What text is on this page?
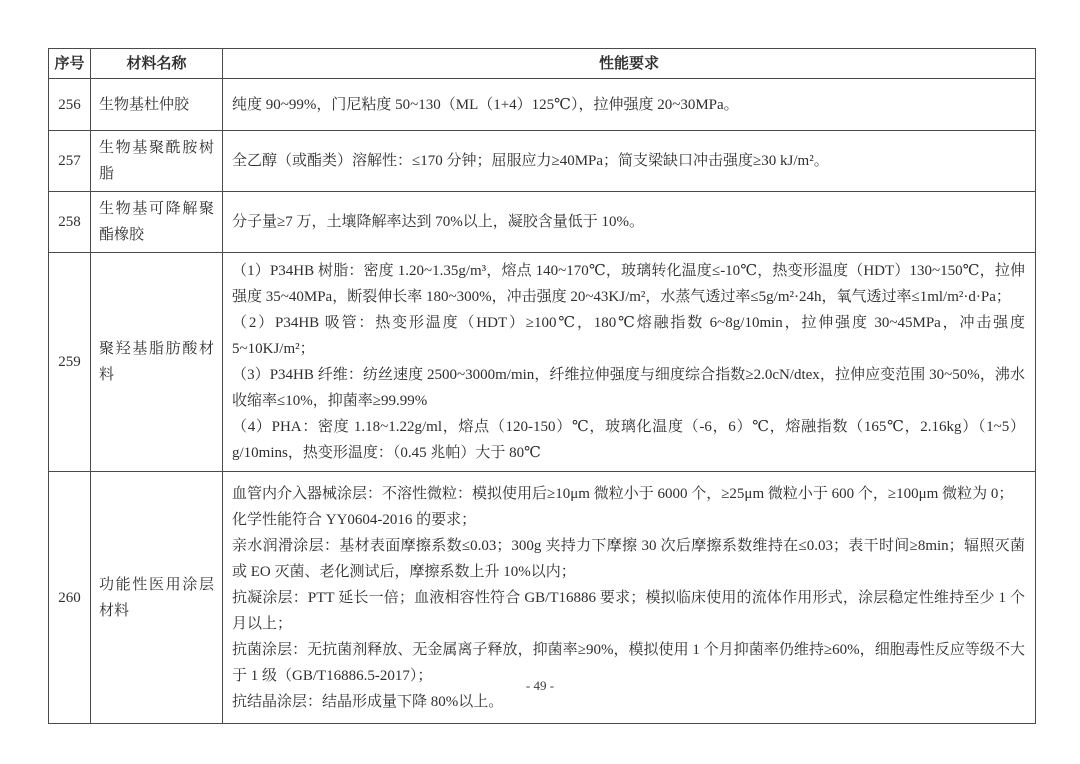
序号	材料名称	性能要求
256	生物基杜仲胶	纯度 90~99%，门尼粘度 50~130（ML（1+4）125℃），拉伸强度 20~30MPa。

257	生物基聚酰胺树脂	全乙醇（或酯类）溶解性：≤170 分钟；屈服应力≥40MPa；简支梁缺口冲击强度≥30 kJ/m²。

258	生物基可降解聚酯橡胶	分子量≥7 万，土壤降解率达到 70%以上，凝胶含量低于 10%。

259	聚羟基脂肪酸材料	（1）P34HB 树脂：密度 1.20~1.35g/m³，熔点 140~170℃，玻璃转化温度≤-10℃，热变形温度（HDT）130~150℃，拉伸强度 35~40MPa，断裂伸长率 180~300%，冲击强度 20~43KJ/m²，水蒸气透过率≤5g/m²·24h，氧气透过率≤1ml/m²·d·Pa；

（2）P34HB 吸管：热变形温度（HDT）≥100℃，180℃熔融指数 6~8g/10min，拉伸强度 30~45MPa，冲击强度 5~10KJ/m²；

（3）P34HB 纤维：纺丝速度 2500~3000m/min，纤维拉伸强度与细度综合指数≥2.0cN/dtex，拉伸应变范围 30~50%，沸水收缩率≤10%，抑菌率≥99.99%

（4）PHA：密度 1.18~1.22g/ml，熔点（120-150）℃，玻璃化温度（-6，6）℃，熔融指数（165℃，2.16kg）（1~5）g/10mins，热变形温度：（0.45 兆帕）大于 80℃

260	功能性医用涂层材料	

血管内介入器械涂层：不溶性微粒：模拟使用后≥10μm 微粒小于 6000 个，≥25μm 微粒小于 600 个，≥100μm 微粒为 0；

化学性能符合 YY0604-2016 的要求；

亲水润滑涂层：基材表面摩擦系数≤0.03；300g 夹持力下摩擦 30 次后摩擦系数维持在≤0.03；表干时间≥8min；辐照灭菌或 EO 灭菌、老化测试后，摩擦系数上升 10%以内；

抗凝涂层：PTT 延长一倍；血液相容性符合 GB/T16886 要求；模拟临床使用的流体作用形式，涂层稳定性维持至少 1 个月以上；

抗菌涂层：无抗菌剂释放、无金属离子释放，抑菌率≥90%，模拟使用 1 个月抑菌率仍维持≥60%，细胞毒性反应等级不大于 1 级（GB/T16886.5-2017）；

抗结晶涂层：结晶形成量下降 80%以上。

- 49 -
